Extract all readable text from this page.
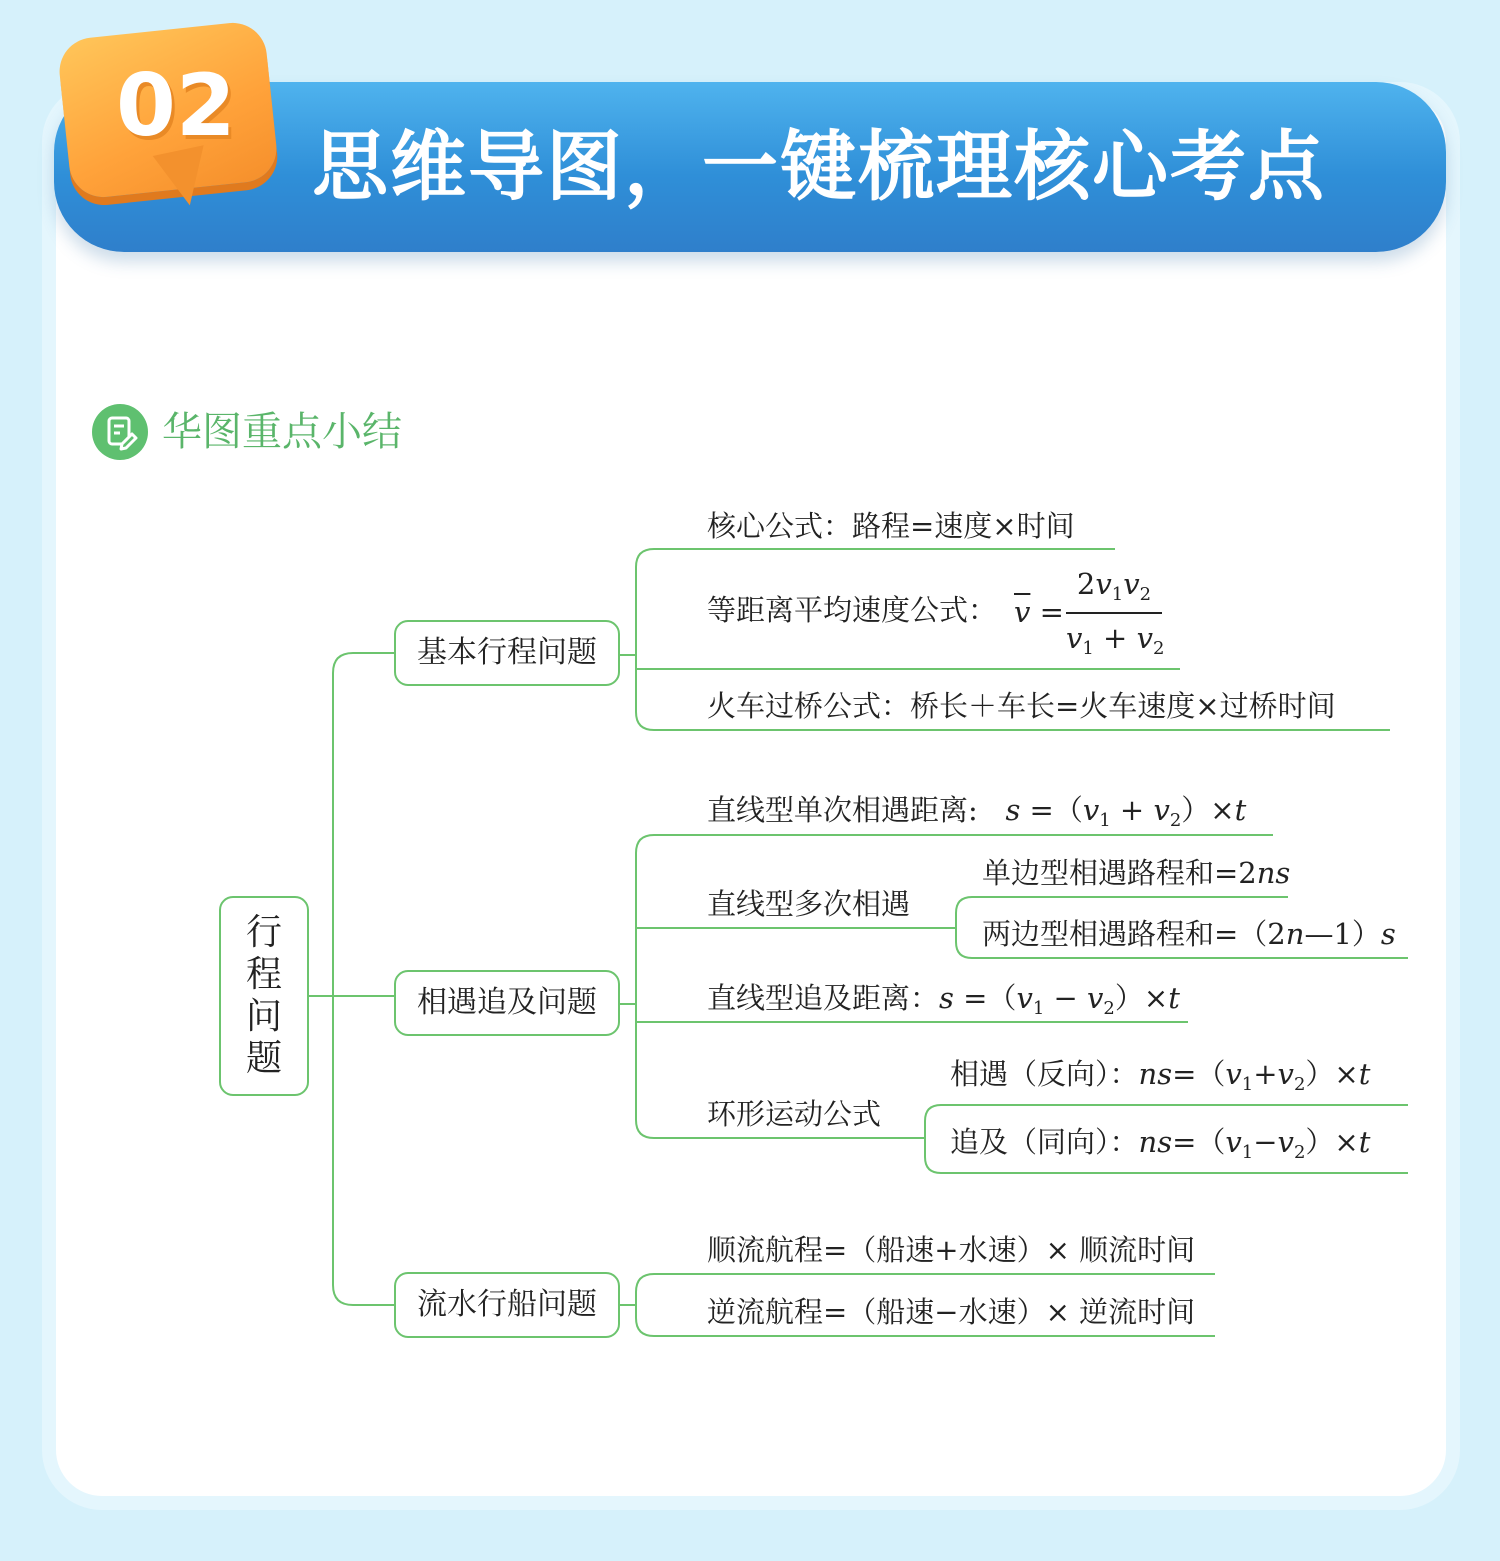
思维导图，一键梳理核心考点
02
华图重点小结
行程问题
基本行程问题
相遇追及问题
流水行船问题
核心公式：路程=速度×时间
等距离平均速度公式： $\overline{v}$ =
$2v_1v_2$
$v_1 + v_2$
火车过桥公式：桥长＋车长=火车速度×过桥时间
直线型单次相遇距离:   $s =(v_1 + v_2)\times t$
直线型多次相遇
单边型相遇路程和=2ns
两边型相遇路程和=（2n—1）s
直线型追及距离：$s =(v_1 - v_2)\times t$
环形运动公式
相遇（反向）：$ns=(v_1+v_2)\times t$
追及（同向）：$ns=(v_1-v_2)\times t$
顺流航程=（船速+水速）× 顺流时间
逆流航程=（船速−水速）× 逆流时间
